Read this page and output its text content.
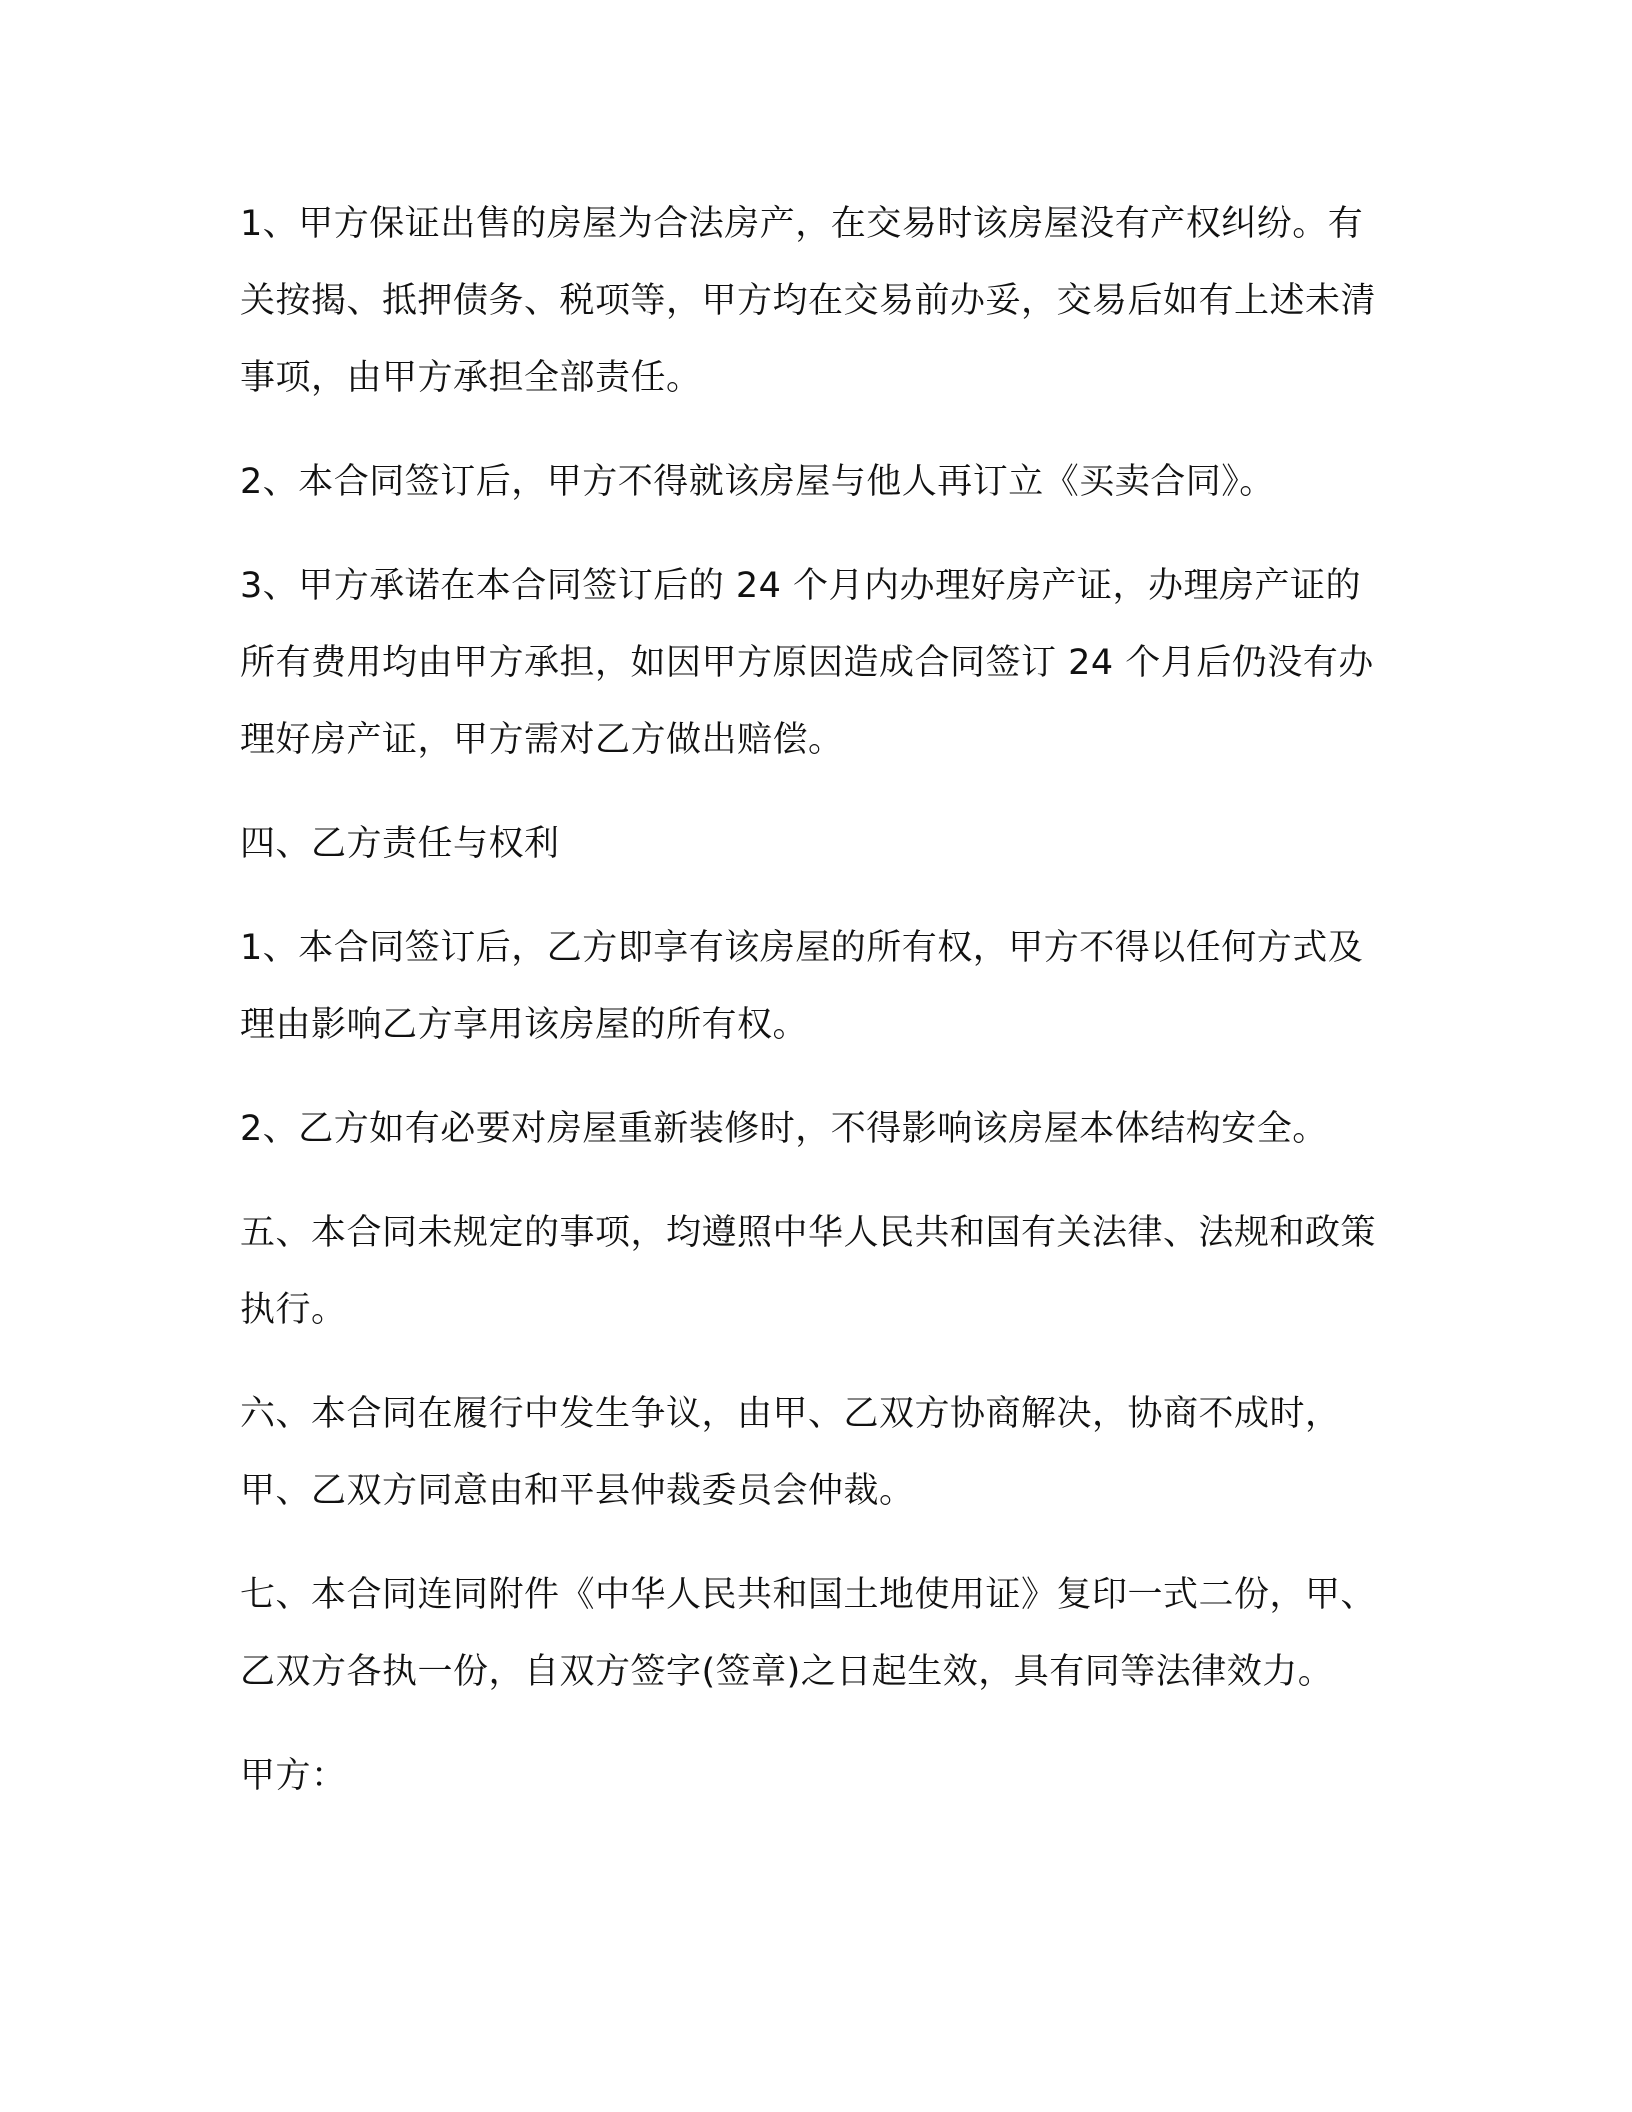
1、甲方保证出售的房屋为合法房产，在交易时该房屋没有产权纠纷。有关按揭、抵押债务、税项等，甲方均在交易前办妥，交易后如有上述未清事项，由甲方承担全部责任。

2、本合同签订后，甲方不得就该房屋与他人再订立《买卖合同》。

3、甲方承诺在本合同签订后的 24 个月内办理好房产证，办理房产证的所有费用均由甲方承担，如因甲方原因造成合同签订 24 个月后仍没有办理好房产证，甲方需对乙方做出赔偿。

四、乙方责任与权利

1、本合同签订后，乙方即享有该房屋的所有权，甲方不得以任何方式及理由影响乙方享用该房屋的所有权。

2、乙方如有必要对房屋重新装修时，不得影响该房屋本体结构安全。

五、本合同未规定的事项，均遵照中华人民共和国有关法律、法规和政策执行。

六、本合同在履行中发生争议，由甲、乙双方协商解决，协商不成时，甲、乙双方同意由和平县仲裁委员会仲裁。

七、本合同连同附件《中华人民共和国土地使用证》复印一式二份，甲、乙双方各执一份，自双方签字(签章)之日起生效，具有同等法律效力。

甲方：
